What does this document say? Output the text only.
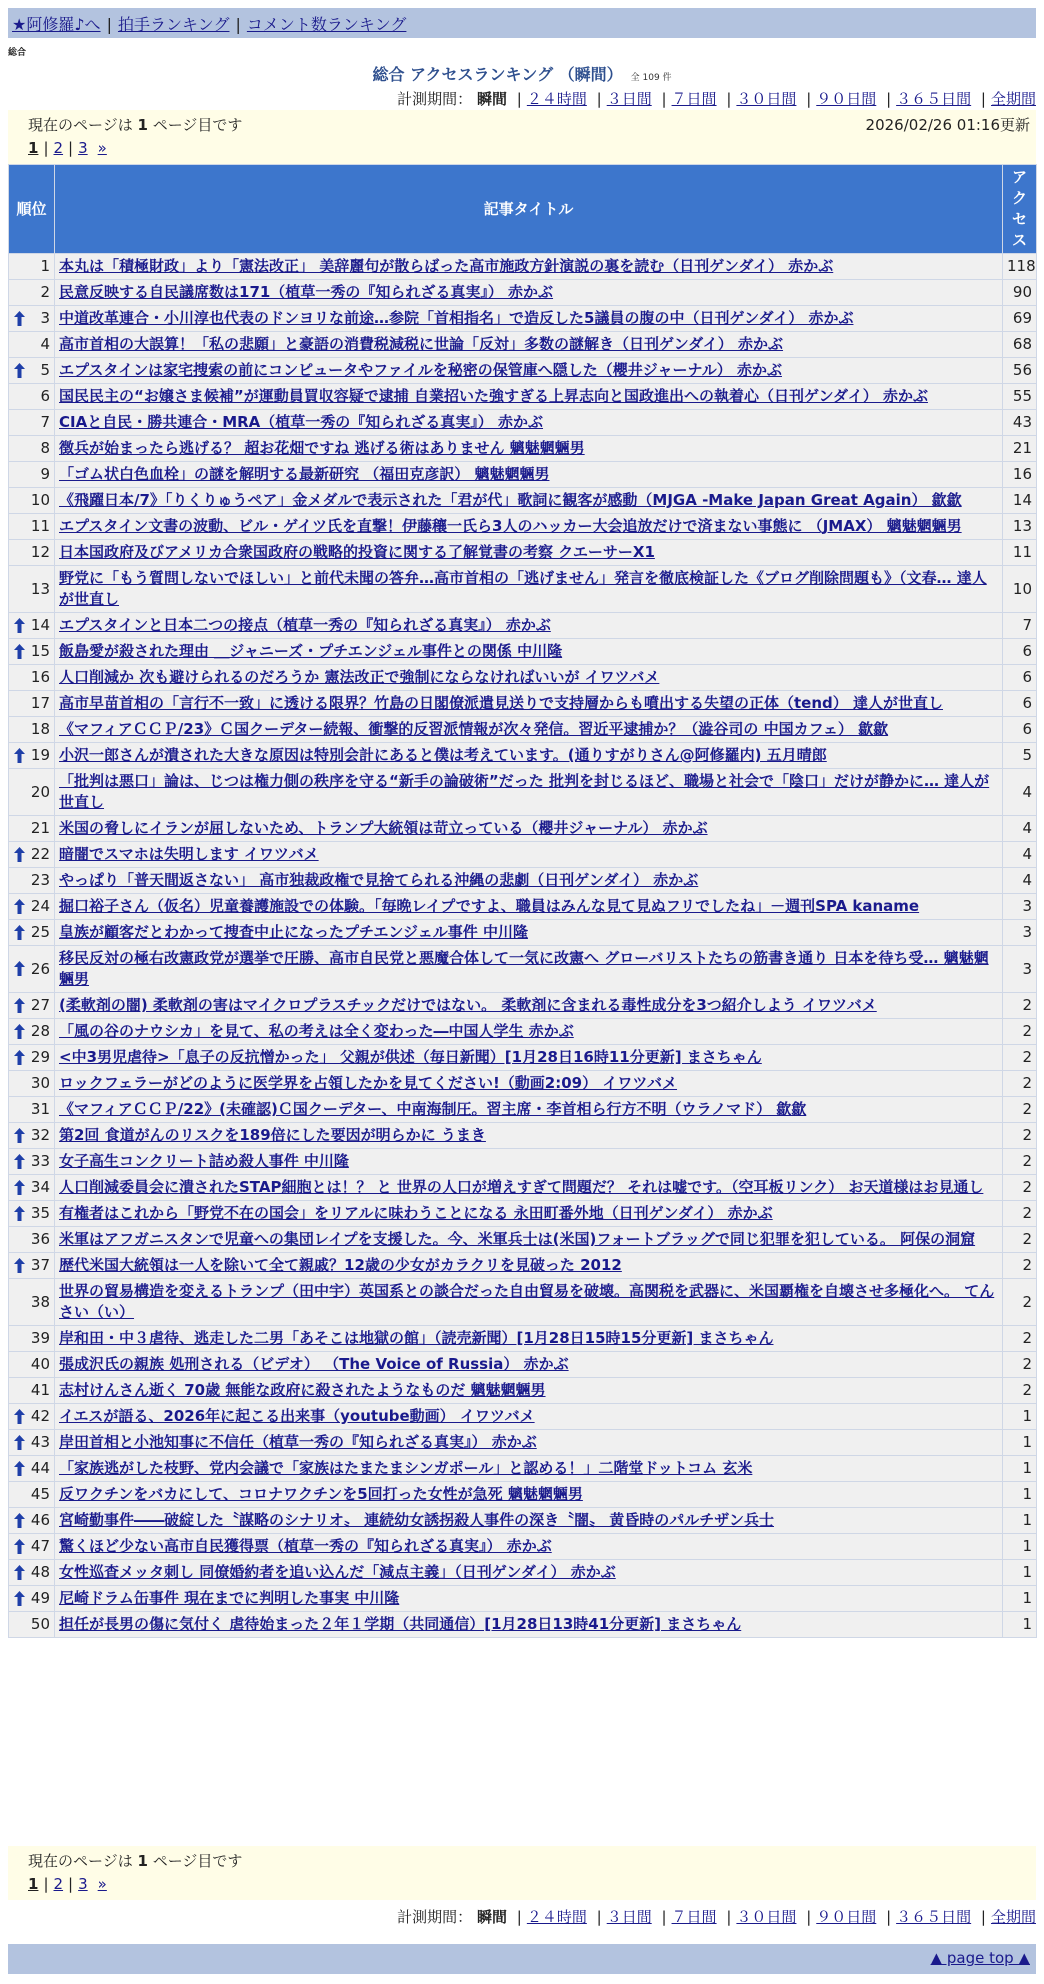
★阿修羅♪へ | 拍手ランキング | コメント数ランキング
総合
総合 アクセスランキング （瞬間） 全 109 件
計測期間： 瞬間 | ２４時間 | ３日間 | ７日間 | ３０日間 | ９０日間 | ３６５日間 | 全期間
現在のページは 1 ページ目です	2026/02/26 01:16更新
1 | 2 | 3 »
順位	記事タイトル	アクセス
1	本丸は「積極財政」より「憲法改正」 美辞麗句が散らばった高市施政方針演説の裏を読む（日刊ゲンダイ） 赤かぶ	118
2	民意反映する自民議席数は171（植草一秀の『知られざる真実』） 赤かぶ	90

3	中道改革連合・小川淳也代表のドンヨリな前途…参院「首相指名」で造反した5議員の腹の中（日刊ゲンダイ） 赤かぶ	69
4	高市首相の大誤算！「私の悲願」と豪語の消費税減税に世論「反対」多数の謎解き（日刊ゲンダイ） 赤かぶ	68

5	エプスタインは家宅捜索の前にコンピュータやファイルを秘密の保管庫へ隠した（櫻井ジャーナル） 赤かぶ	56
6	国民民主の“お嬢さま候補”が運動員買収容疑で逮捕 自業招いた強すぎる上昇志向と国政進出への執着心（日刊ゲンダイ） 赤かぶ	55
7	CIAと自民・勝共連合・MRA（植草一秀の『知られざる真実』） 赤かぶ	43
8	徴兵が始まったら逃げる？ 超お花畑ですね 逃げる術はありません 魑魅魍魎男	21
9	「ゴム状白色血栓」の謎を解明する最新研究 （福田克彦訳） 魑魅魍魎男	16
10	《飛躍日本/7》「りくりゅうペア」金メダルで表示された「君が代」歌詞に観客が感動（MJGA -Make Japan Great Again） 歙歙	14
11	エプスタイン文書の波動、ビル・ゲイツ氏を直撃！伊藤穰一氏ら3人のハッカー大会追放だけで済まない事態に （JMAX） 魑魅魍魎男	13
12	日本国政府及びアメリカ合衆国政府の戦略的投資に関する了解覚書の考察 クエーサーX1	11
13	野党に「もう質問しないでほしい」と前代未聞の答弁…高市首相の「逃げません」発言を徹底検証した《ブログ削除問題も》（文春… 達人が世直し	10

14	エプスタインと日本二つの接点（植草一秀の『知られざる真実』） 赤かぶ	7

15	飯島愛が殺された理由 ＿ジャニーズ・プチエンジェル事件との関係 中川隆	6
16	人口削減か 次も避けられるのだろうか 憲法改正で強制にならなければいいが イワツバメ	6
17	高市早苗首相の「言行不一致」に透ける限界？竹島の日閣僚派遣見送りで支持層からも噴出する失望の正体（tend） 達人が世直し	6
18	《マフィアＣＣＰ/23》Ｃ国クーデター続報、衝撃的反習派情報が次々発信。習近平逮捕か？（澁谷司の 中国カフェ） 歙歙	6

19	小沢一郎さんが潰された大きな原因は特別会計にあると僕は考えています。(通りすがりさん@阿修羅内) 五月晴郎	5
20	「批判は悪口」論は、じつは権力側の秩序を守る“新手の論破術”だった 批判を封じるほど、職場と社会で「陰口」だけが静かに… 達人が世直し	4
21	米国の脅しにイランが屈しないため、トランプ大統領は苛立っている（櫻井ジャーナル） 赤かぶ	4

22	暗闇でスマホは失明します イワツバメ	4
23	やっぱり「普天間返さない」 高市独裁政権で見捨てられる沖縄の悲劇（日刊ゲンダイ） 赤かぶ	4

24	掘口裕子さん（仮名）児童養護施設での体験。「毎晩レイプですよ、職員はみんな見て見ぬフリでしたね」－週刊SPA kaname	3

25	皇族が顧客だとわかって捜査中止になったプチエンジェル事件 中川隆	3

26	移民反対の極右改憲政党が選挙で圧勝、高市自民党と悪魔合体して一気に改憲へ グローバリストたちの筋書き通り 日本を待ち受… 魑魅魍魎男	3

27	(柔軟剤の闇) 柔軟剤の害はマイクロプラスチックだけではない。 柔軟剤に含まれる毒性成分を3つ紹介しよう イワツバメ	2

28	「風の谷のナウシカ」を見て、私の考えは全く変わった―中国人学生 赤かぶ	2

29	<中3男児虐待>「息子の反抗憎かった」 父親が供述（毎日新聞）[1月28日16時11分更新] まさちゃん	2
30	ロックフェラーがどのように医学界を占領したかを見てください!（動画2:09） イワツバメ	2
31	《マフィアＣＣＰ/22》(未確認)Ｃ国クーデター、中南海制圧。習主席・李首相ら行方不明（ウラノマド） 歙歙	2

32	第2回 食道がんのリスクを189倍にした要因が明らかに うまき	2

33	女子高生コンクリート詰め殺人事件 中川隆	2

34	人口削減委員会に潰されたSTAP細胞とは！？ と 世界の人口が増えすぎて問題だ？ それは嘘です。（空耳板リンク） お天道様はお見通し	2

35	有権者はこれから「野党不在の国会」をリアルに味わうことになる 永田町番外地（日刊ゲンダイ） 赤かぶ	2
36	米軍はアフガニスタンで児童への集団レイプを支援した。今、米軍兵士は(米国)フォートブラッグで同じ犯罪を犯している。 阿保の洞窟	2

37	歴代米国大統領は一人を除いて全て親戚？12歳の少女がカラクリを見破った 2012	2
38	世界の貿易構造を変えるトランプ（田中宇）英国系との談合だった自由貿易を破壊。高関税を武器に、米国覇権を自壊させ多極化へ。 てんさい（い）	2
39	岸和田・中３虐待、逃走した二男「あそこは地獄の館」（読売新聞）[1月28日15時15分更新] まさちゃん	2
40	張成沢氏の親族 処刑される（ビデオ） （The Voice of Russia） 赤かぶ	2
41	志村けんさん逝く 70歳 無能な政府に殺されたようなものだ 魑魅魍魎男	2

42	イエスが語る、2026年に起こる出来事（youtube動画） イワツバメ	1

43	岸田首相と小池知事に不信任（植草一秀の『知られざる真実』） 赤かぶ	1

44	「家族逃がした枝野、党内会議で「家族はたまたまシンガポール」と認める！」二階堂ドットコム 玄米	1
45	反ワクチンをバカにして、コロナワクチンを5回打った女性が急死 魑魅魍魎男	1

46	宮崎勤事件――破綻した〝謀略のシナリオ〟 連続幼女誘拐殺人事件の深き〝闇〟 黄昏時のパルチザン兵士	1

47	驚くほど少ない高市自民獲得票（植草一秀の『知られざる真実』） 赤かぶ	1

48	女性巡査メッタ刺し 同僚婚約者を追い込んだ「減点主義」（日刊ゲンダイ） 赤かぶ	1

49	尼崎ドラム缶事件 現在までに判明した事実 中川隆	1
50	担任が長男の傷に気付く 虐待始まった２年１学期（共同通信）[1月28日13時41分更新] まさちゃん	1
現在のページは 1 ページ目です
1 | 2 | 3 »
計測期間： 瞬間 | ２４時間 | ３日間 | ７日間 | ３０日間 | ９０日間 | ３６５日間 | 全期間
▲ page top ▲
